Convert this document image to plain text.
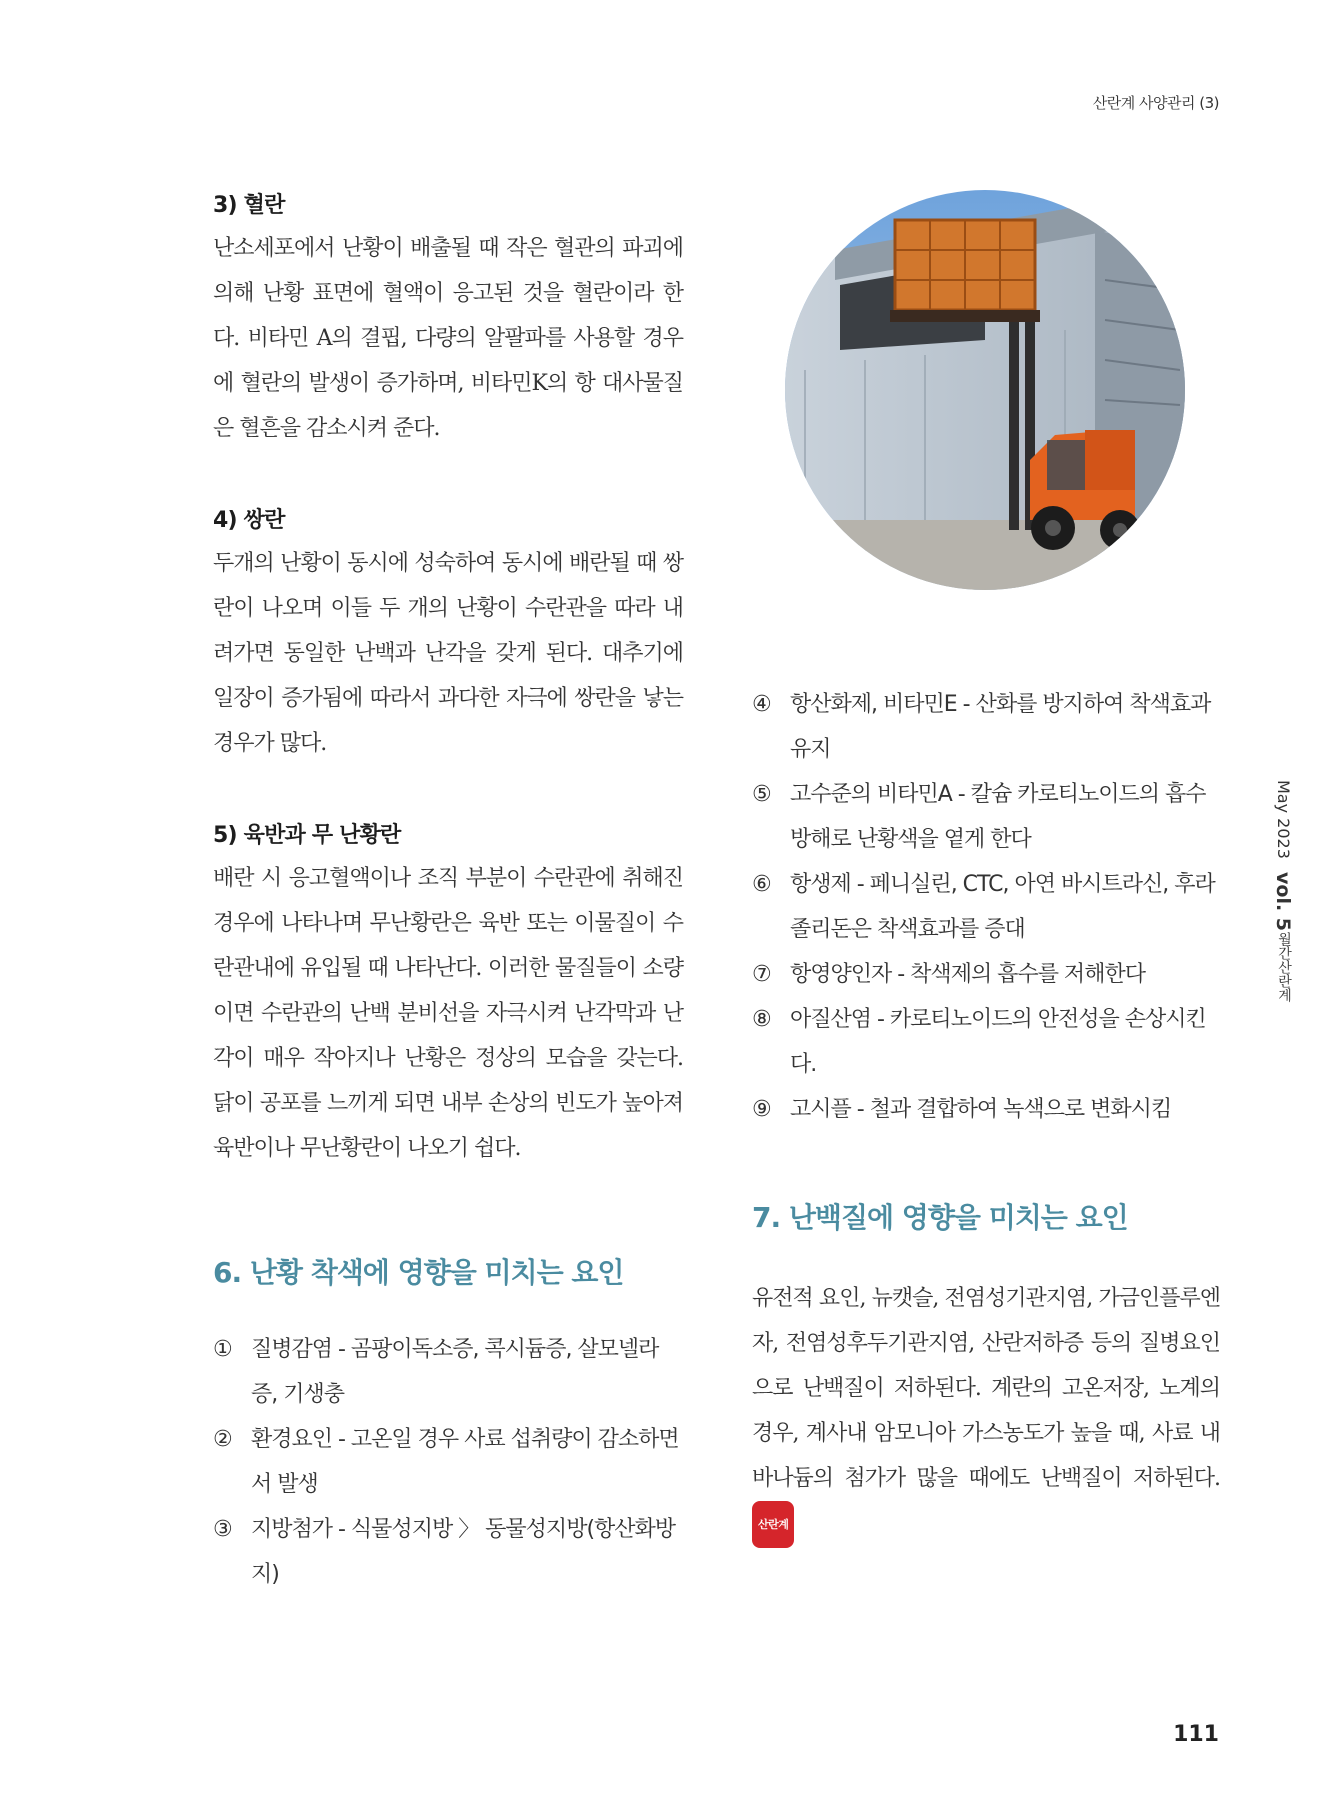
산란계 사양관리 (3)
3) 혈란

난소세포에서 난황이 배출될 때 작은 혈관의 파괴에 의해 난황 표면에 혈액이 응고된 것을 혈란이라 한다. 비타민 A의 결핍, 다량의 알팔파를 사용할 경우에 혈란의 발생이 증가하며, 비타민K의 항 대사물질은 혈흔을 감소시켜 준다.

4) 쌍란

두개의 난황이 동시에 성숙하여 동시에 배란될 때 쌍란이 나오며 이들 두 개의 난황이 수란관을 따라 내려가면 동일한 난백과 난각을 갖게 된다. 대추기에 일장이 증가됨에 따라서 과다한 자극에 쌍란을 낳는 경우가 많다.

5) 육반과 무 난황란

배란 시 응고혈액이나 조직 부분이 수란관에 취해진 경우에 나타나며 무난황란은 육반 또는 이물질이 수란관내에 유입될 때 나타난다. 이러한 물질들이 소량이면 수란관의 난백 분비선을 자극시켜 난각막과 난각이 매우 작아지나 난황은 정상의 모습을 갖는다. 닭이 공포를 느끼게 되면 내부 손상의 빈도가 높아져 육반이나 무난황란이 나오기 쉽다.

6. 난황 착색에 영향을 미치는 요인
① 질병감염 - 곰팡이독소증, 콕시듐증, 살모넬라증, 기생충
② 환경요인 - 고온일 경우 사료 섭취량이 감소하면서 발생
③ 지방첨가 - 식물성지방 〉 동물성지방(항산화방지)
④ 항산화제, 비타민E - 산화를 방지하여 착색효과 유지
⑤ 고수준의 비타민A - 칼슘 카로티노이드의 흡수 방해로 난황색을 옅게 한다
⑥ 항생제 - 페니실린, CTC, 아연 바시트라신, 후라졸리돈은 착색효과를 증대
⑦ 항영양인자 - 착색제의 흡수를 저해한다
⑧ 아질산염 - 카로티노이드의 안전성을 손상시킨다.
⑨ 고시플 - 철과 결합하여 녹색으로 변화시킴
7. 난백질에 영향을 미치는 요인

유전적 요인, 뉴캣슬, 전염성기관지염, 가금인플루엔자, 전염성후두기관지염, 산란저하증 등의 질병요인으로 난백질이 저하된다. 계란의 고온저장, 노계의 경우, 계사내 암모니아 가스농도가 높을 때, 사료 내 바나듐의 첨가가 많을 때에도 난백질이 저하된다. 산란계

May 2023 vol. 5
월간산란계
111
